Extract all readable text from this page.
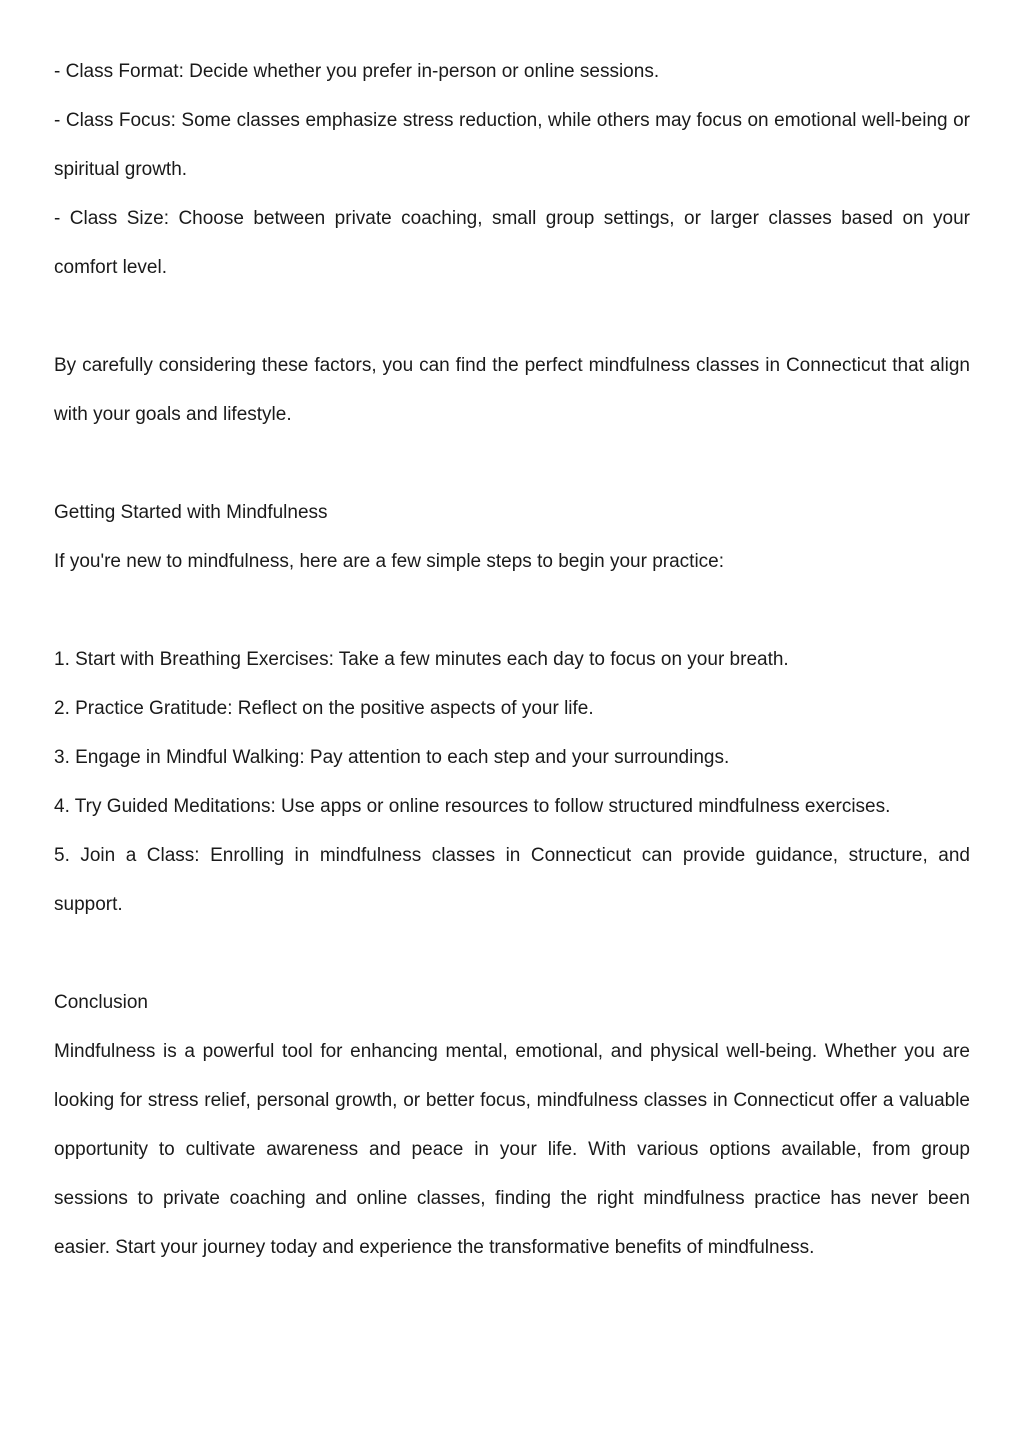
- Class Format: Decide whether you prefer in-person or online sessions.

- Class Focus: Some classes emphasize stress reduction, while others may focus on emotional well-being or spiritual growth.

- Class Size: Choose between private coaching, small group settings, or larger classes based on your comfort level.

By carefully considering these factors, you can find the perfect mindfulness classes in Connecticut that align with your goals and lifestyle.

Getting Started with Mindfulness

If you're new to mindfulness, here are a few simple steps to begin your practice:

1. Start with Breathing Exercises: Take a few minutes each day to focus on your breath.

2. Practice Gratitude: Reflect on the positive aspects of your life.

3. Engage in Mindful Walking: Pay attention to each step and your surroundings.

4. Try Guided Meditations: Use apps or online resources to follow structured mindfulness exercises.

5. Join a Class: Enrolling in mindfulness classes in Connecticut can provide guidance, structure, and support.

Conclusion

Mindfulness is a powerful tool for enhancing mental, emotional, and physical well-being. Whether you are looking for stress relief, personal growth, or better focus, mindfulness classes in Connecticut offer a valuable opportunity to cultivate awareness and peace in your life. With various options available, from group sessions to private coaching and online classes, finding the right mindfulness practice has never been easier. Start your journey today and experience the transformative benefits of mindfulness.
